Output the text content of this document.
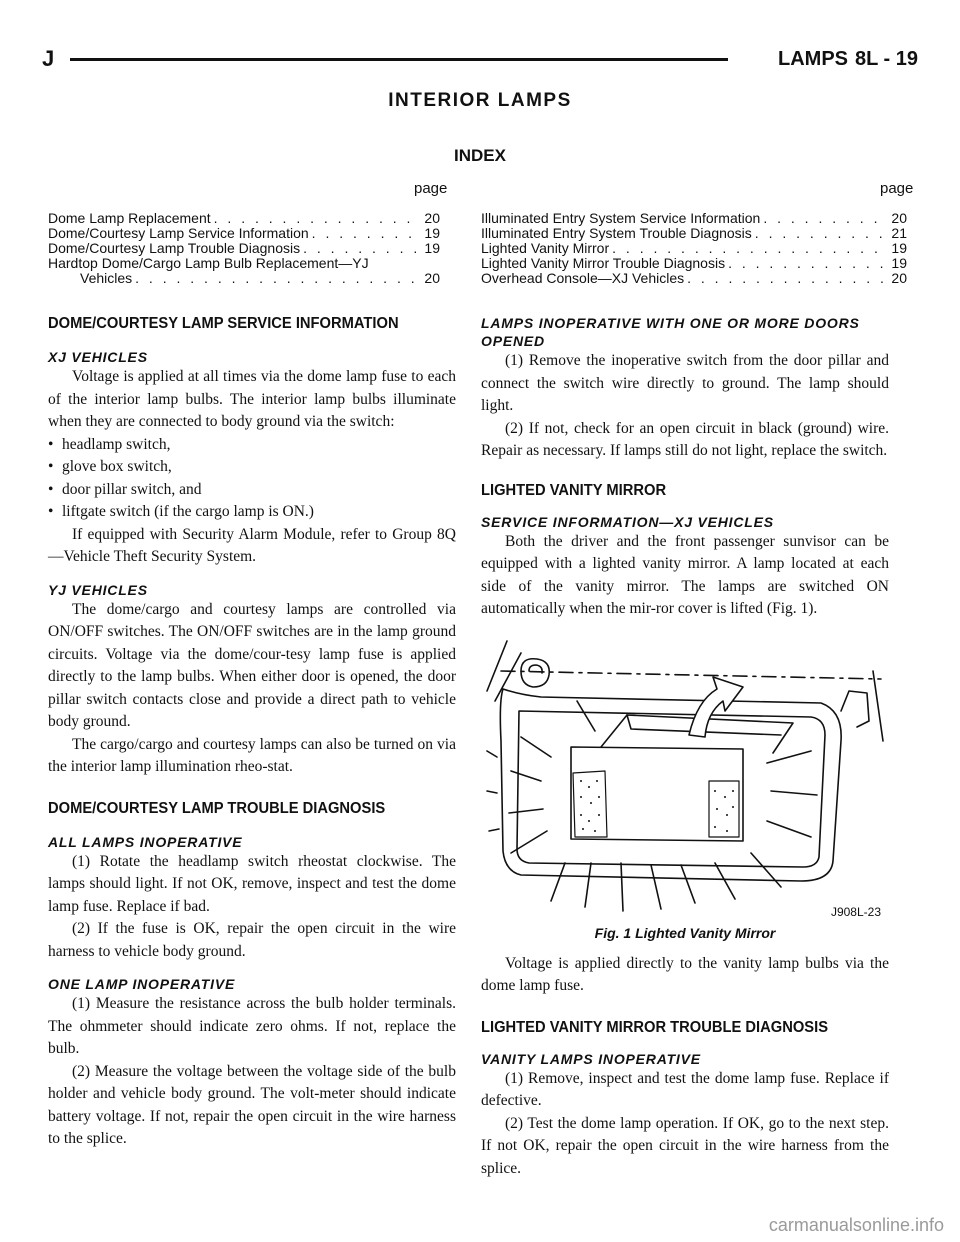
J	LAMPS 8L - 19
INTERIOR LAMPS
INDEX
page	page
Dome Lamp Replacement . . .	20
Dome/Courtesy Lamp Service Information . . .	19
Dome/Courtesy Lamp Trouble Diagnosis . . .	19
Hardtop Dome/Cargo Lamp Bulb Replacement—YJ
Vehicles . . .	20
Illuminated Entry System Service Information . . .	20
Illuminated Entry System Trouble Diagnosis . . .	21
Lighted Vanity Mirror . . .	19
Lighted Vanity Mirror Trouble Diagnosis . . .	19
Overhead Console—XJ Vehicles . . .	20
DOME/COURTESY LAMP SERVICE INFORMATION
XJ VEHICLES

Voltage is applied at all times via the dome lamp fuse to each of the interior lamp bulbs. The interior lamp bulbs illuminate when they are connected to body ground via the switch:

• headlamp switch,
• glove box switch,
• door pillar switch, and
• liftgate switch (if the cargo lamp is ON.)

If equipped with Security Alarm Module, refer to Group 8Q—Vehicle Theft Security System.

YJ VEHICLES

The dome/cargo and courtesy lamps are controlled via ON/OFF switches. The ON/OFF switches are in the lamp ground circuits. Voltage via the dome/cour-tesy lamp fuse is applied directly to the lamp bulbs. When either door is opened, the door pillar switch contacts close and provide a direct path to vehicle body ground.

The cargo/cargo and courtesy lamps can also be turned on via the interior lamp illumination rheo-stat.

DOME/COURTESY LAMP TROUBLE DIAGNOSIS
ALL LAMPS INOPERATIVE

(1) Rotate the headlamp switch rheostat clockwise. The lamps should light. If not OK, remove, inspect and test the dome lamp fuse. Replace if bad.

(2) If the fuse is OK, repair the open circuit in the wire harness to vehicle body ground.

ONE LAMP INOPERATIVE

(1) Measure the resistance across the bulb holder terminals. The ohmmeter should indicate zero ohms. If not, replace the bulb.

(2) Measure the voltage between the voltage side of the bulb holder and vehicle body ground. The volt-meter should indicate battery voltage. If not, repair the open circuit in the wire harness to the splice.

LAMPS INOPERATIVE WITH ONE OR MORE DOORS OPENED

(1) Remove the inoperative switch from the door pillar and connect the switch wire directly to ground. The lamp should light.

(2) If not, check for an open circuit in black (ground) wire. Repair as necessary. If lamps still do not light, replace the switch.

LIGHTED VANITY MIRROR
SERVICE INFORMATION—XJ VEHICLES

Both the driver and the front passenger sunvisor can be equipped with a lighted vanity mirror. A lamp located at each side of the vanity mirror. The lamps are switched ON automatically when the mir-ror cover is lifted (Fig. 1).

J908L-23
Fig. 1 Lighted Vanity Mirror

Voltage is applied directly to the vanity lamp bulbs via the dome lamp fuse.

LIGHTED VANITY MIRROR TROUBLE DIAGNOSIS
VANITY LAMPS INOPERATIVE

(1) Remove, inspect and test the dome lamp fuse. Replace if defective.

(2) Test the dome lamp operation. If OK, go to the next step. If not OK, repair the open circuit in the wire harness from the splice.

carmanualsonline.info
